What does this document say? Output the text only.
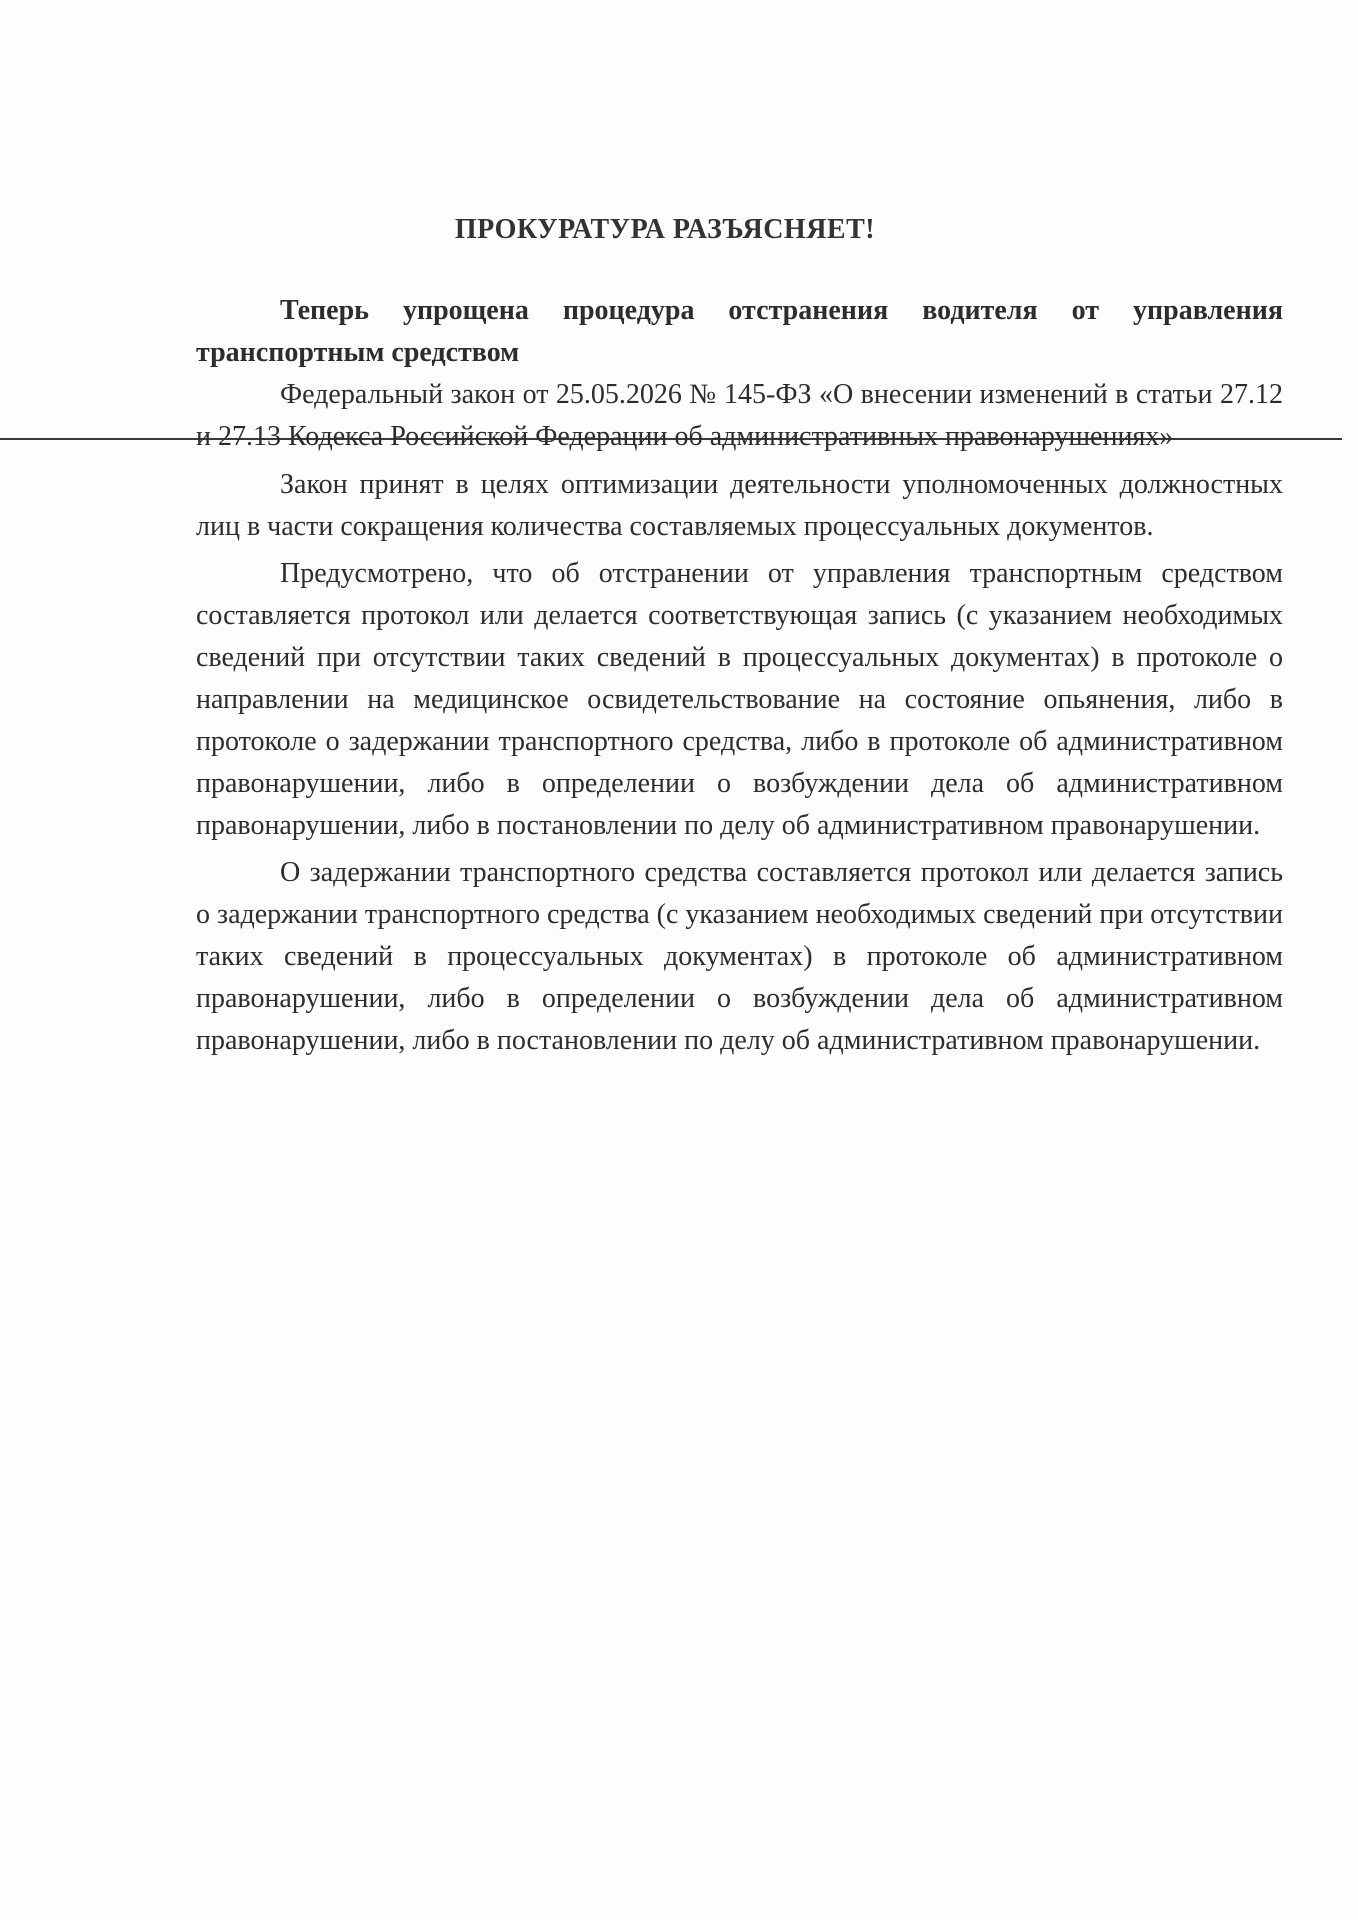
ПРОКУРАТУРА РАЗЪЯСНЯЕТ!

Теперь упрощена процедура отстранения водителя от управления транспортным средством

Федеральный закон от 25.05.2026 № 145-ФЗ «О внесении изменений в статьи 27.12 и 27.13 Кодекса Российской Федерации об административных правонарушениях»

Закон принят в целях оптимизации деятельности уполномоченных должностных лиц в части сокращения количества составляемых процессуальных документов.

Предусмотрено, что об отстранении от управления транспортным средством составляется протокол или делается соответствующая запись (с указанием необходимых сведений при отсутствии таких сведений в процессуальных документах) в протоколе о направлении на медицинское освидетельствование на состояние опьянения, либо в протоколе о задержании транспортного средства, либо в протоколе об административном правонарушении, либо в определении о возбуждении дела об административном правонарушении, либо в постановлении по делу об административном правонарушении.

О задержании транспортного средства составляется протокол или делается запись о задержании транспортного средства (с указанием необходимых сведений при отсутствии таких сведений в процессуальных документах) в протоколе об административном правонарушении, либо в определении о возбуждении дела об административном правонарушении, либо в постановлении по делу об административном правонарушении.
